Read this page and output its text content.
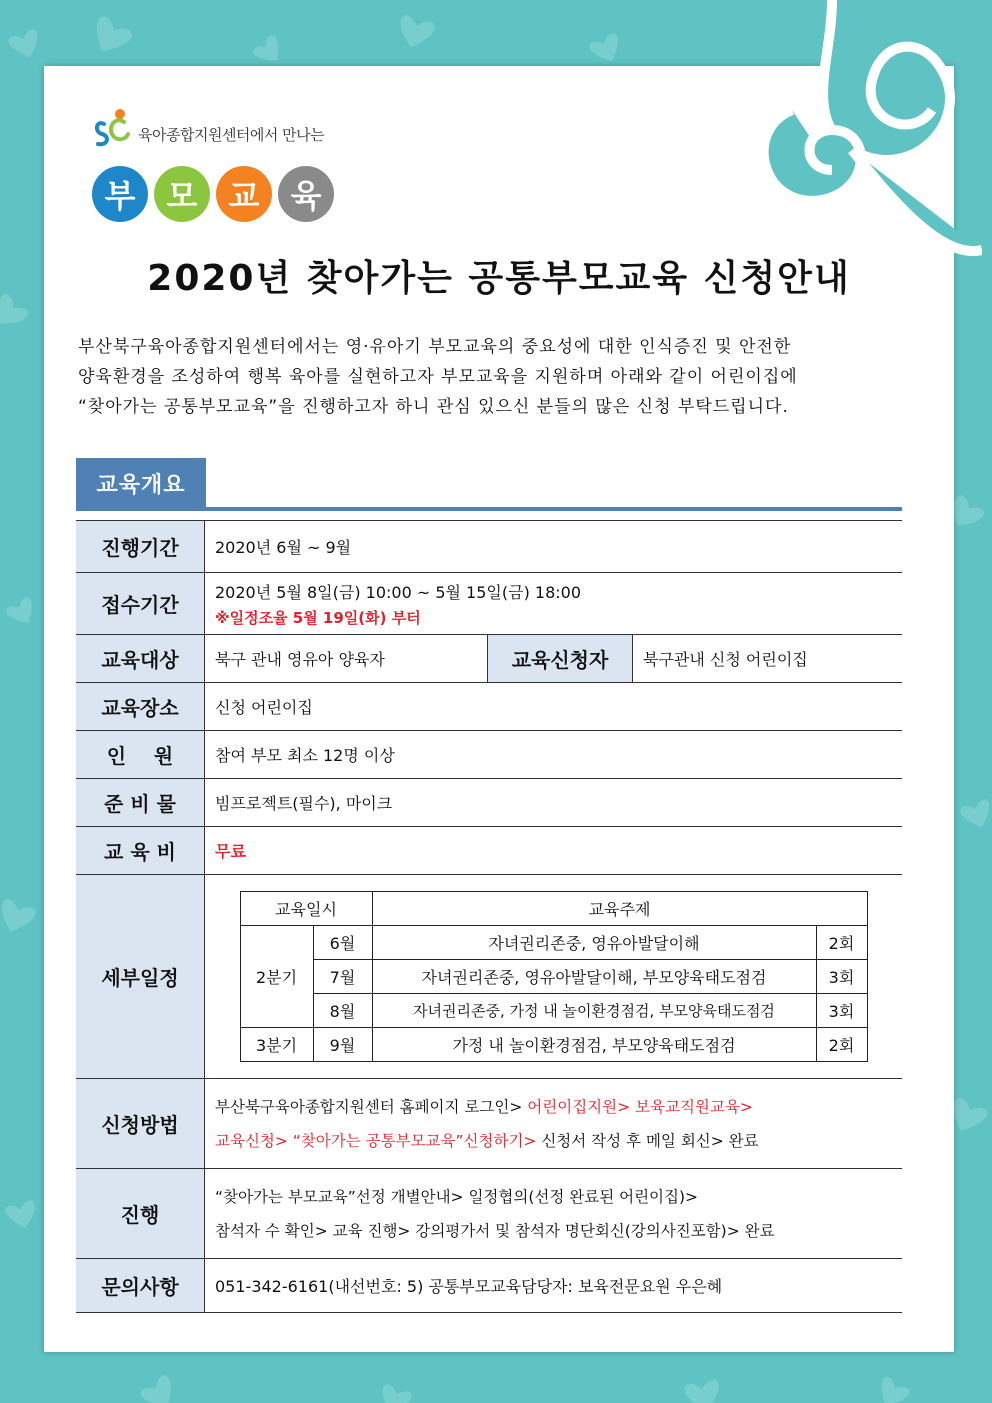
육아종합지원센터에서 만나는
부 모 교 육
2020년 찾아가는 공통부모교육 신청안내

부산북구육아종합지원센터에서는 영·유아기 부모교육의 중요성에 대한 인식증진 및 안전한

양육환경을 조성하여 행복 육아를 실현하고자 부모교육을 지원하며 아래와 같이 어린이집에

“찾아가는 공통부모교육”을 진행하고자 하니 관심 있으신 분들의 많은 신청 부탁드립니다.

교육개요
진행기간	2020년 6월 ~ 9월
접수기간	
2020년 5월 8일(금) 10:00 ~ 5월 15일(금) 18:00
※일정조율 5월 19일(화) 부터

교육대상	북구 관내 영유아 양육자	교육신청자	북구관내 신청 어린이집
교육장소	신청 어린이집
인    원	참여 부모 최소 12명 이상
준 비 물	빔프로젝트(필수), 마이크
교 육 비	무료
세부일정	
교육일시	교육주제
2분기	6월	자녀권리존중, 영유아발달이해	2회
7월	자녀권리존중, 영유아발달이해, 부모양육태도점검	3회
8월	자녀권리존중, 가정 내 놀이환경점검, 부모양육태도점검	3회
3분기	9월	가정 내 놀이환경점검, 부모양육태도점검	2회

신청방법	
부산북구육아종합지원센터 홈페이지 로그인> 어린이집지원> 보육교직원교육>
교육신청> “찾아가는 공통부모교육”신청하기> 신청서 작성 후 메일 회신> 완료

진행	
“찾아가는 부모교육”선정 개별안내> 일정협의(선정 완료된 어린이집)>
참석자 수 확인> 교육 진행> 강의평가서 및 참석자 명단회신(강의사진포함)> 완료

문의사항	051-342-6161(내선번호: 5) 공통부모교육담당자: 보육전문요원 우은혜
